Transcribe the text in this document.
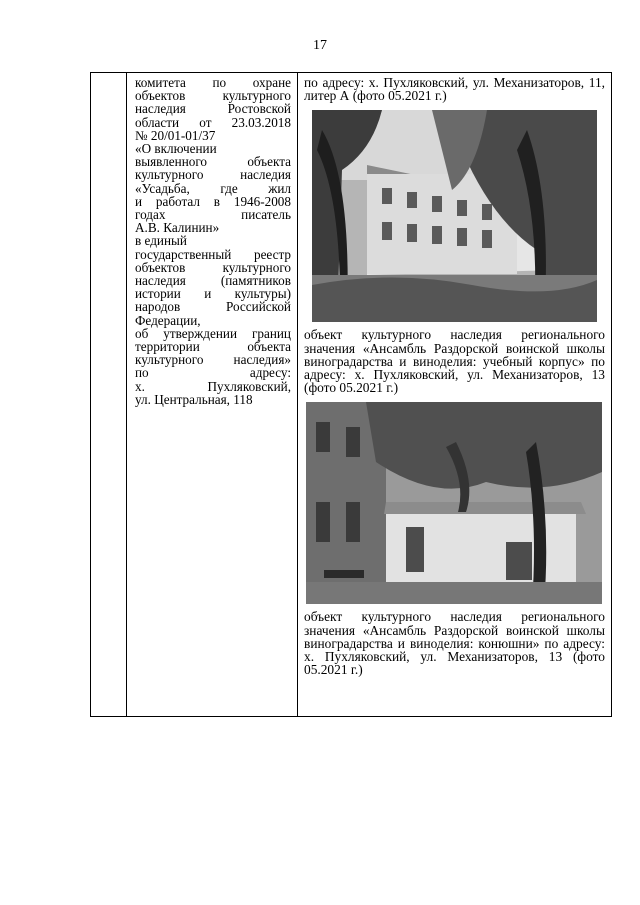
17
комитета по охране
объектов культурного
наследия Ростовской
области от 23.03.2018
№ 20/01-01/37
«О включении
выявленного объекта
культурного наследия
«Усадьба, где жил
и работал в 1946-2008
годах писатель
А.В. Калинин»
в единый
государственный реестр
объектов культурного
наследия (памятников
истории и культуры)
народов Российской
Федерации,
об утверждении границ
территории объекта
культурного наследия»
по адресу:
х. Пухляковский,
ул. Центральная, 118

по адресу: х. Пухляковский, ул. Механизаторов, 11, литер А (фото 05.2021 г.)

объект культурного наследия регионального значения «Ансамбль Раздорской воинской школы виноградарства и виноделия: учебный корпус» по адресу: х. Пухляковский, ул. Механизаторов, 13 (фото 05.2021 г.)

объект культурного наследия регионального значения «Ансамбль Раздорской воинской школы виноградарства и виноделия: конюшни» по адресу: х. Пухляковский, ул. Механизаторов, 13 (фото 05.2021 г.)
